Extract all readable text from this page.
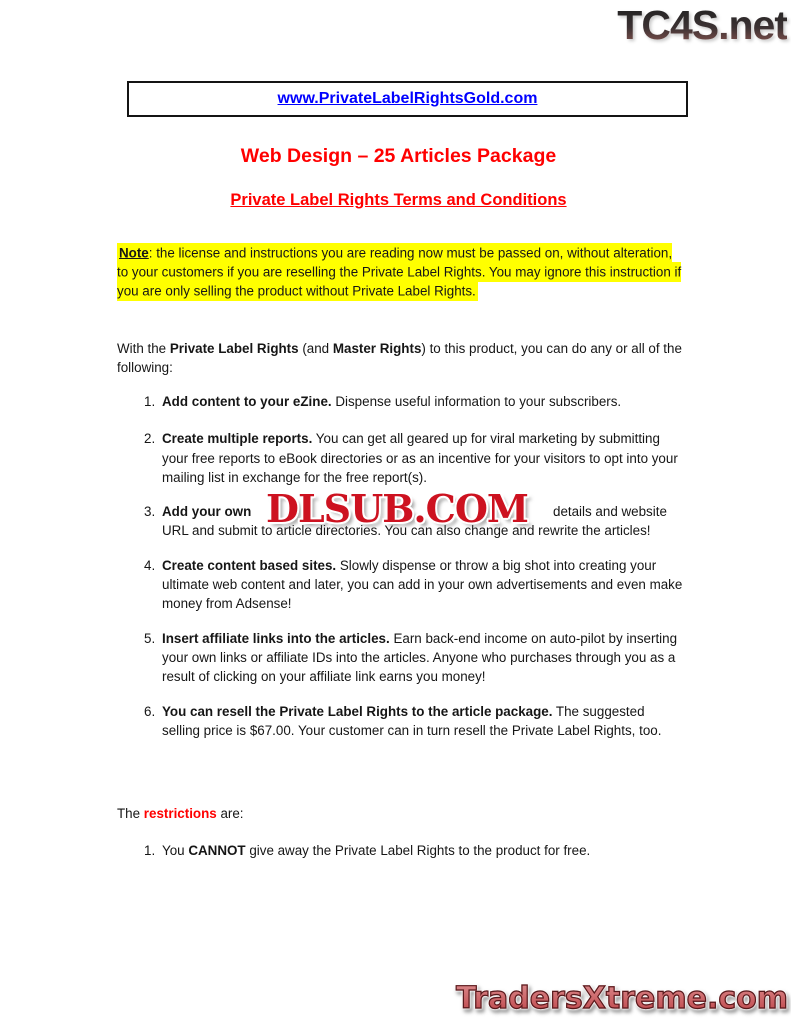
TC4S.net
www.PrivateLabelRightsGold.com
Web Design – 25 Articles Package
Private Label Rights Terms and Conditions

Note: the license and instructions you are reading now must be passed on, without alteration, to your customers if you are reselling the Private Label Rights. You may ignore this instruction if you are only selling the product without Private Label Rights.

With the Private Label Rights (and Master Rights) to this product, you can do any or all of the following:

1. Add content to your eZine. Dispense useful information to your subscribers.
2. Create multiple reports. You can get all geared up for viral marketing by submitting your free reports to eBook directories or as an incentive for your visitors to opt into your mailing list in exchange for the free report(s).
3. Add your own	details and website URL and submit to article directories. You can also change and rewrite the articles!
4. Create content based sites. Slowly dispense or throw a big shot into creating your ultimate web content and later, you can add in your own advertisements and even make money from Adsense!
5. Insert affiliate links into the articles. Earn back-end income on auto-pilot by inserting your own links or affiliate IDs into the articles. Anyone who purchases through you as a result of clicking on your affiliate link earns you money!
6. You can resell the Private Label Rights to the article package. The suggested selling price is $67.00. Your customer can in turn resell the Private Label Rights, too.

The restrictions are:

1. You CANNOT give away the Private Label Rights to the product for free.
DLSUB.COM
TradersXtreme.com
